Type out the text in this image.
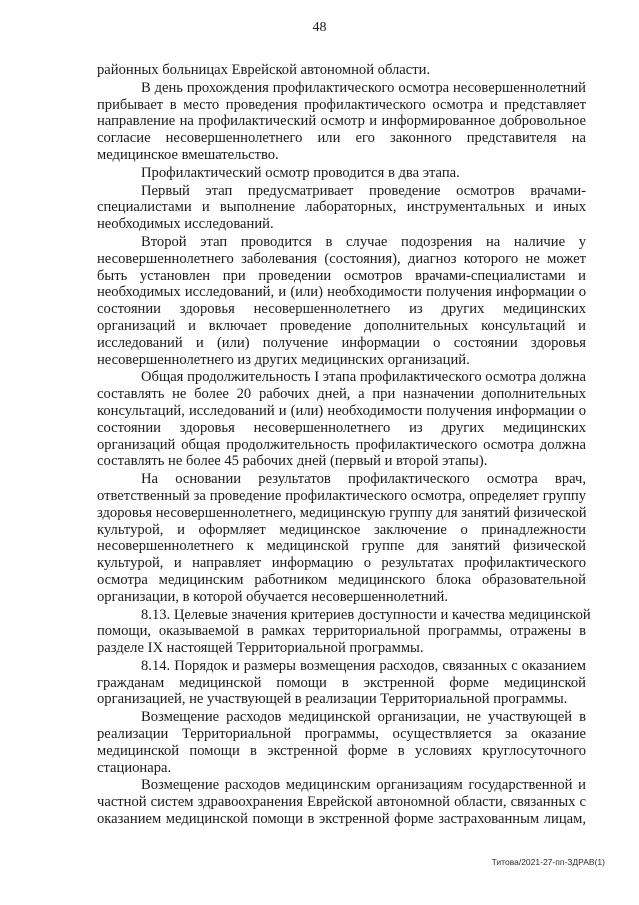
48
районных больницах Еврейской автономной области.
В день прохождения профилактического осмотра несовершеннолетний
прибывает в место проведения профилактического осмотра и представляет
направление на профилактический осмотр и информированное добровольное
согласие несовершеннолетнего или его законного представителя на
медицинское вмешательство.
Профилактический осмотр проводится в два этапа.
Первый этап предусматривает проведение осмотров врачами-
специалистами и выполнение лабораторных, инструментальных и иных
необходимых исследований.
Второй этап проводится в случае подозрения на наличие у
несовершеннолетнего заболевания (состояния), диагноз которого не может
быть установлен при проведении осмотров врачами-специалистами и
необходимых исследований, и (или) необходимости получения информации о
состоянии здоровья несовершеннолетнего из других медицинских
организаций и включает проведение дополнительных консультаций и
исследований и (или) получение информации о состоянии здоровья
несовершеннолетнего из других медицинских организаций.
Общая продолжительность I этапа профилактического осмотра должна
составлять не более 20 рабочих дней, а при назначении дополнительных
консультаций, исследований и (или) необходимости получения информации о
состоянии здоровья несовершеннолетнего из других медицинских
организаций общая продолжительность профилактического осмотра должна
составлять не более 45 рабочих дней (первый и второй этапы).
На основании результатов профилактического осмотра врач,
ответственный за проведение профилактического осмотра, определяет группу
здоровья несовершеннолетнего, медицинскую группу для занятий физической
культурой, и оформляет медицинское заключение о принадлежности
несовершеннолетнего к медицинской группе для занятий физической
культурой, и направляет информацию о результатах профилактического
осмотра медицинским работником медицинского блока образовательной
организации, в которой обучается несовершеннолетний.
8.13. Целевые значения критериев доступности и качества медицинской
помощи, оказываемой в рамках территориальной программы, отражены в
разделе IX настоящей Территориальной программы.
8.14. Порядок и размеры возмещения расходов, связанных с оказанием
гражданам медицинской помощи в экстренной форме медицинской
организацией, не участвующей в реализации Территориальной программы.
Возмещение расходов медицинской организации, не участвующей в
реализации Территориальной программы, осуществляется за оказание
медицинской помощи в экстренной форме в условиях круглосуточного
стационара.
Возмещение расходов медицинским организациям государственной и
частной систем здравоохранения Еврейской автономной области, связанных с
оказанием медицинской помощи в экстренной форме застрахованным лицам,
Титова/2021-27-пп-ЗДРАВ(1)
